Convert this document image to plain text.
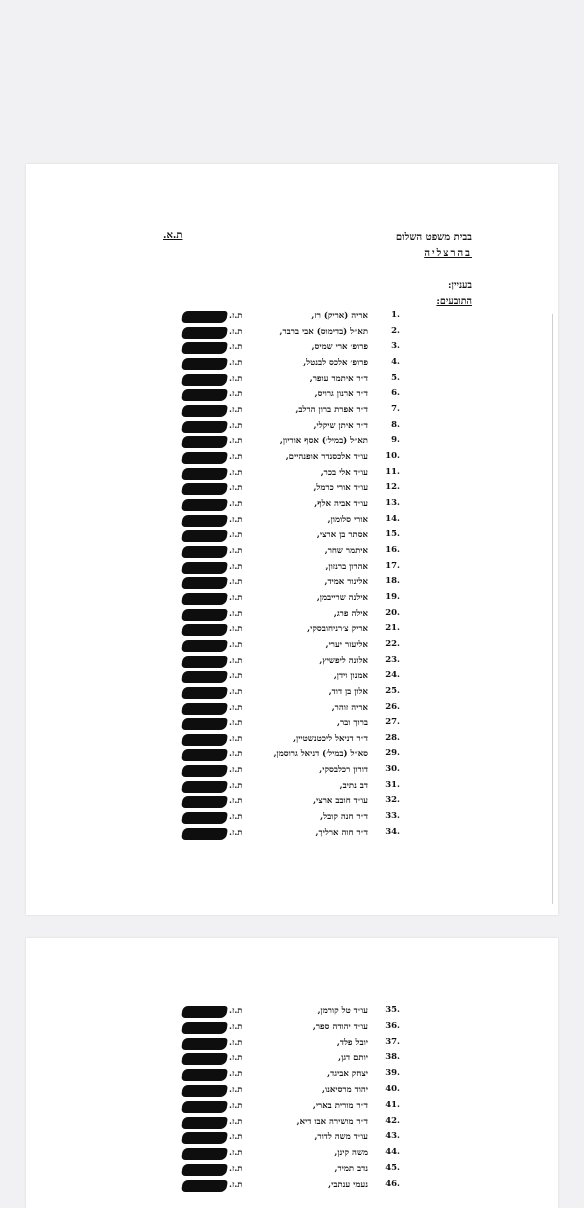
בבית משפט השלום
בהרצליה
ת.א.
בעניין:
התובעים:
1.
אריה (אריק) רז,
ת.ז.
2.
תא״ל (בדימוס) אבי ברבר,
ת.ז.
3.
פרופ׳ ארי שמיס,
ת.ז.
4.
פרופ׳ אלכס לבנטל,
ת.ז.
5.
ד״ר איתמר עופר,
ת.ז.
6.
ד״ר ארנון גרויס,
ת.ז.
7.
ד״ר אפרת ברון הרלב,
ת.ז.
8.
ד״ר איתן שיקלי,
ת.ז.
9.
תא״ל (במיל׳) אסף אוריון,
ת.ז.
10.
עו״ד אלכסנדר אופנהיים,
ת.ז.
11.
עו״ד אלי בכר,
ת.ז.
12.
עו״ד אורי כרמל,
ת.ז.
13.
עו״ד אביה אלף,
ת.ז.
14.
אורי סלומון,
ת.ז.
15.
אסתר בן ארצי,
ת.ז.
16.
איתמר שחר,
ת.ז.
17.
אהרון ברנזון,
ת.ז.
18.
אלינור אמיד,
ת.ז.
19.
אילנה שרייבמן,
ת.ז.
20.
אילה פרג,
ת.ז.
21.
אריק צ׳רניחובסקי,
ת.ז.
22.
אליעזר יערי,
ת.ז.
23.
אלונה ליפשיץ,
ת.ז.
24.
אמנון וידן,
ת.ז.
25.
אלון בן דוד,
ת.ז.
26.
אריה זוהר,
ת.ז.
27.
ברוך ובר,
ת.ז.
28.
ד״ר דניאל ליכטנשטיין,
ת.ז.
29.
סא״ל (במיל׳) דניאל גרוסמן,
ת.ז.
30.
דורון רכלבסקי,
ת.ז.
31.
דב נתיב,
ת.ז.
32.
עו״ד חובב ארצי,
ת.ז.
33.
ד״ר חנה קובל,
ת.ז.
34.
ד״ר חוה ארליך,
ת.ז.
35.
עו״ד טל קורמן,
ת.ז.
36.
עו״ד יהודה ספר,
ת.ז.
37.
יובל פלד,
ת.ז.
38.
יותם דגן,
ת.ז.
39.
יצחק אביגד,
ת.ז.
40.
יהוד מרסיאנו,
ת.ז.
41.
ד״ר מורית בארי,
ת.ז.
42.
ד״ר מושירה אבו דיא,
ת.ז.
43.
עו״ד משה לדור,
ת.ז.
44.
משה קינן,
ת.ז.
45.
נדב תמיר,
ת.ז.
46.
נעמי ענתבי,
ת.ז.
